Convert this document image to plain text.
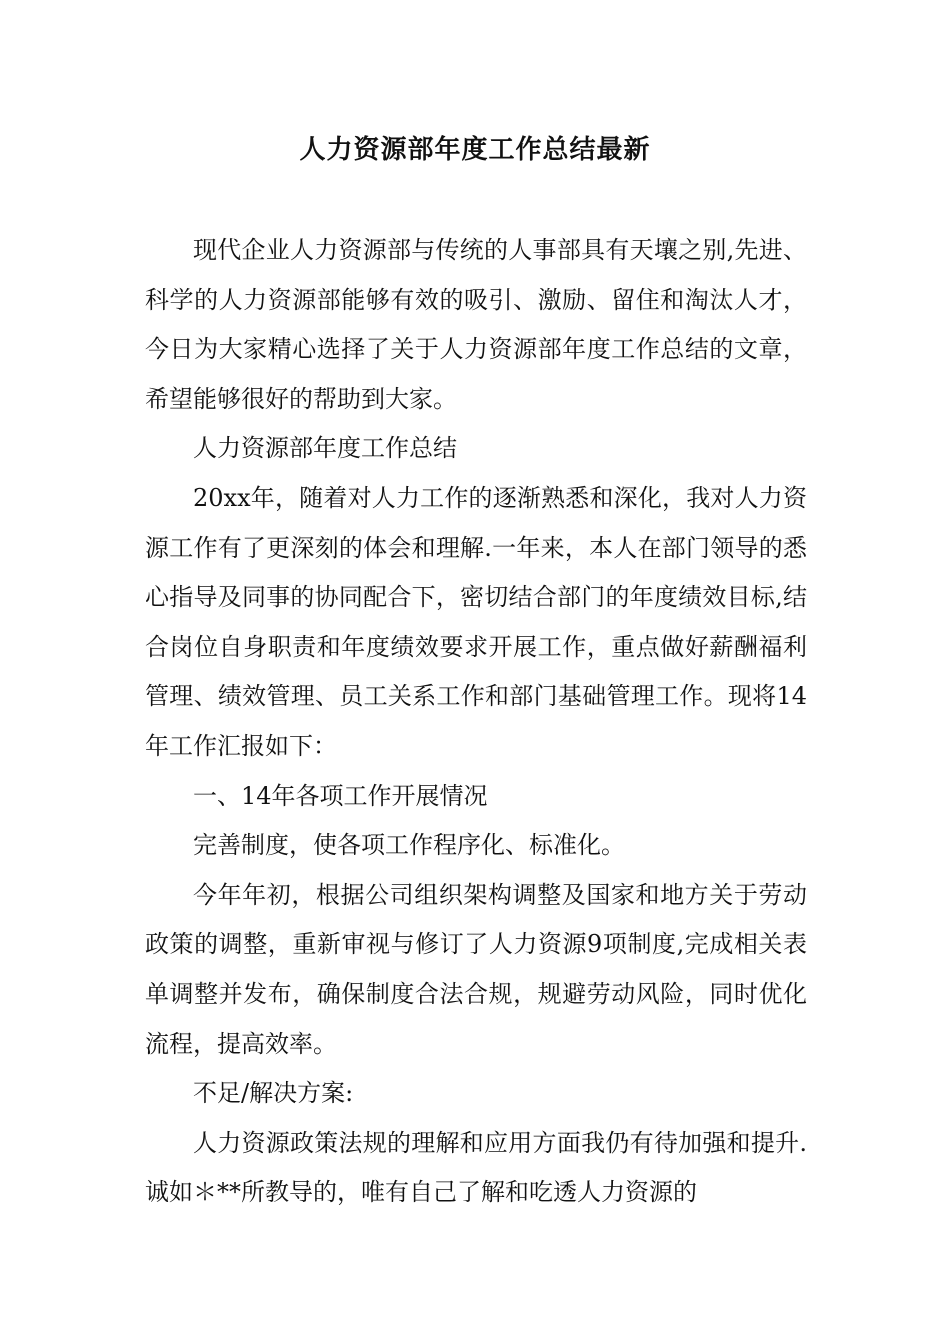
人力资源部年度工作总结最新

现代企业人力资源部与传统的人事部具有天壤之别,先进、科学的人力资源部能够有效的吸引、激励、留住和淘汰人才，今日为大家精心选择了关于人力资源部年度工作总结的文章，希望能够很好的帮助到大家。

人力资源部年度工作总结

20xx年，随着对人力工作的逐渐熟悉和深化，我对人力资源工作有了更深刻的体会和理解.一年来，本人在部门领导的悉心指导及同事的协同配合下，密切结合部门的年度绩效目标,结合岗位自身职责和年度绩效要求开展工作，重点做好薪酬福利管理、绩效管理、员工关系工作和部门基础管理工作。现将14年工作汇报如下：

一、14年各项工作开展情况

完善制度，使各项工作程序化、标准化。

今年年初，根据公司组织架构调整及国家和地方关于劳动政策的调整，重新审视与修订了人力资源9项制度,完成相关表单调整并发布，确保制度合法合规，规避劳动风险，同时优化流程，提高效率。

不足/解决方案:

人力资源政策法规的理解和应用方面我仍有待加强和提升.诚如＊**所教导的，唯有自己了解和吃透人力资源的
